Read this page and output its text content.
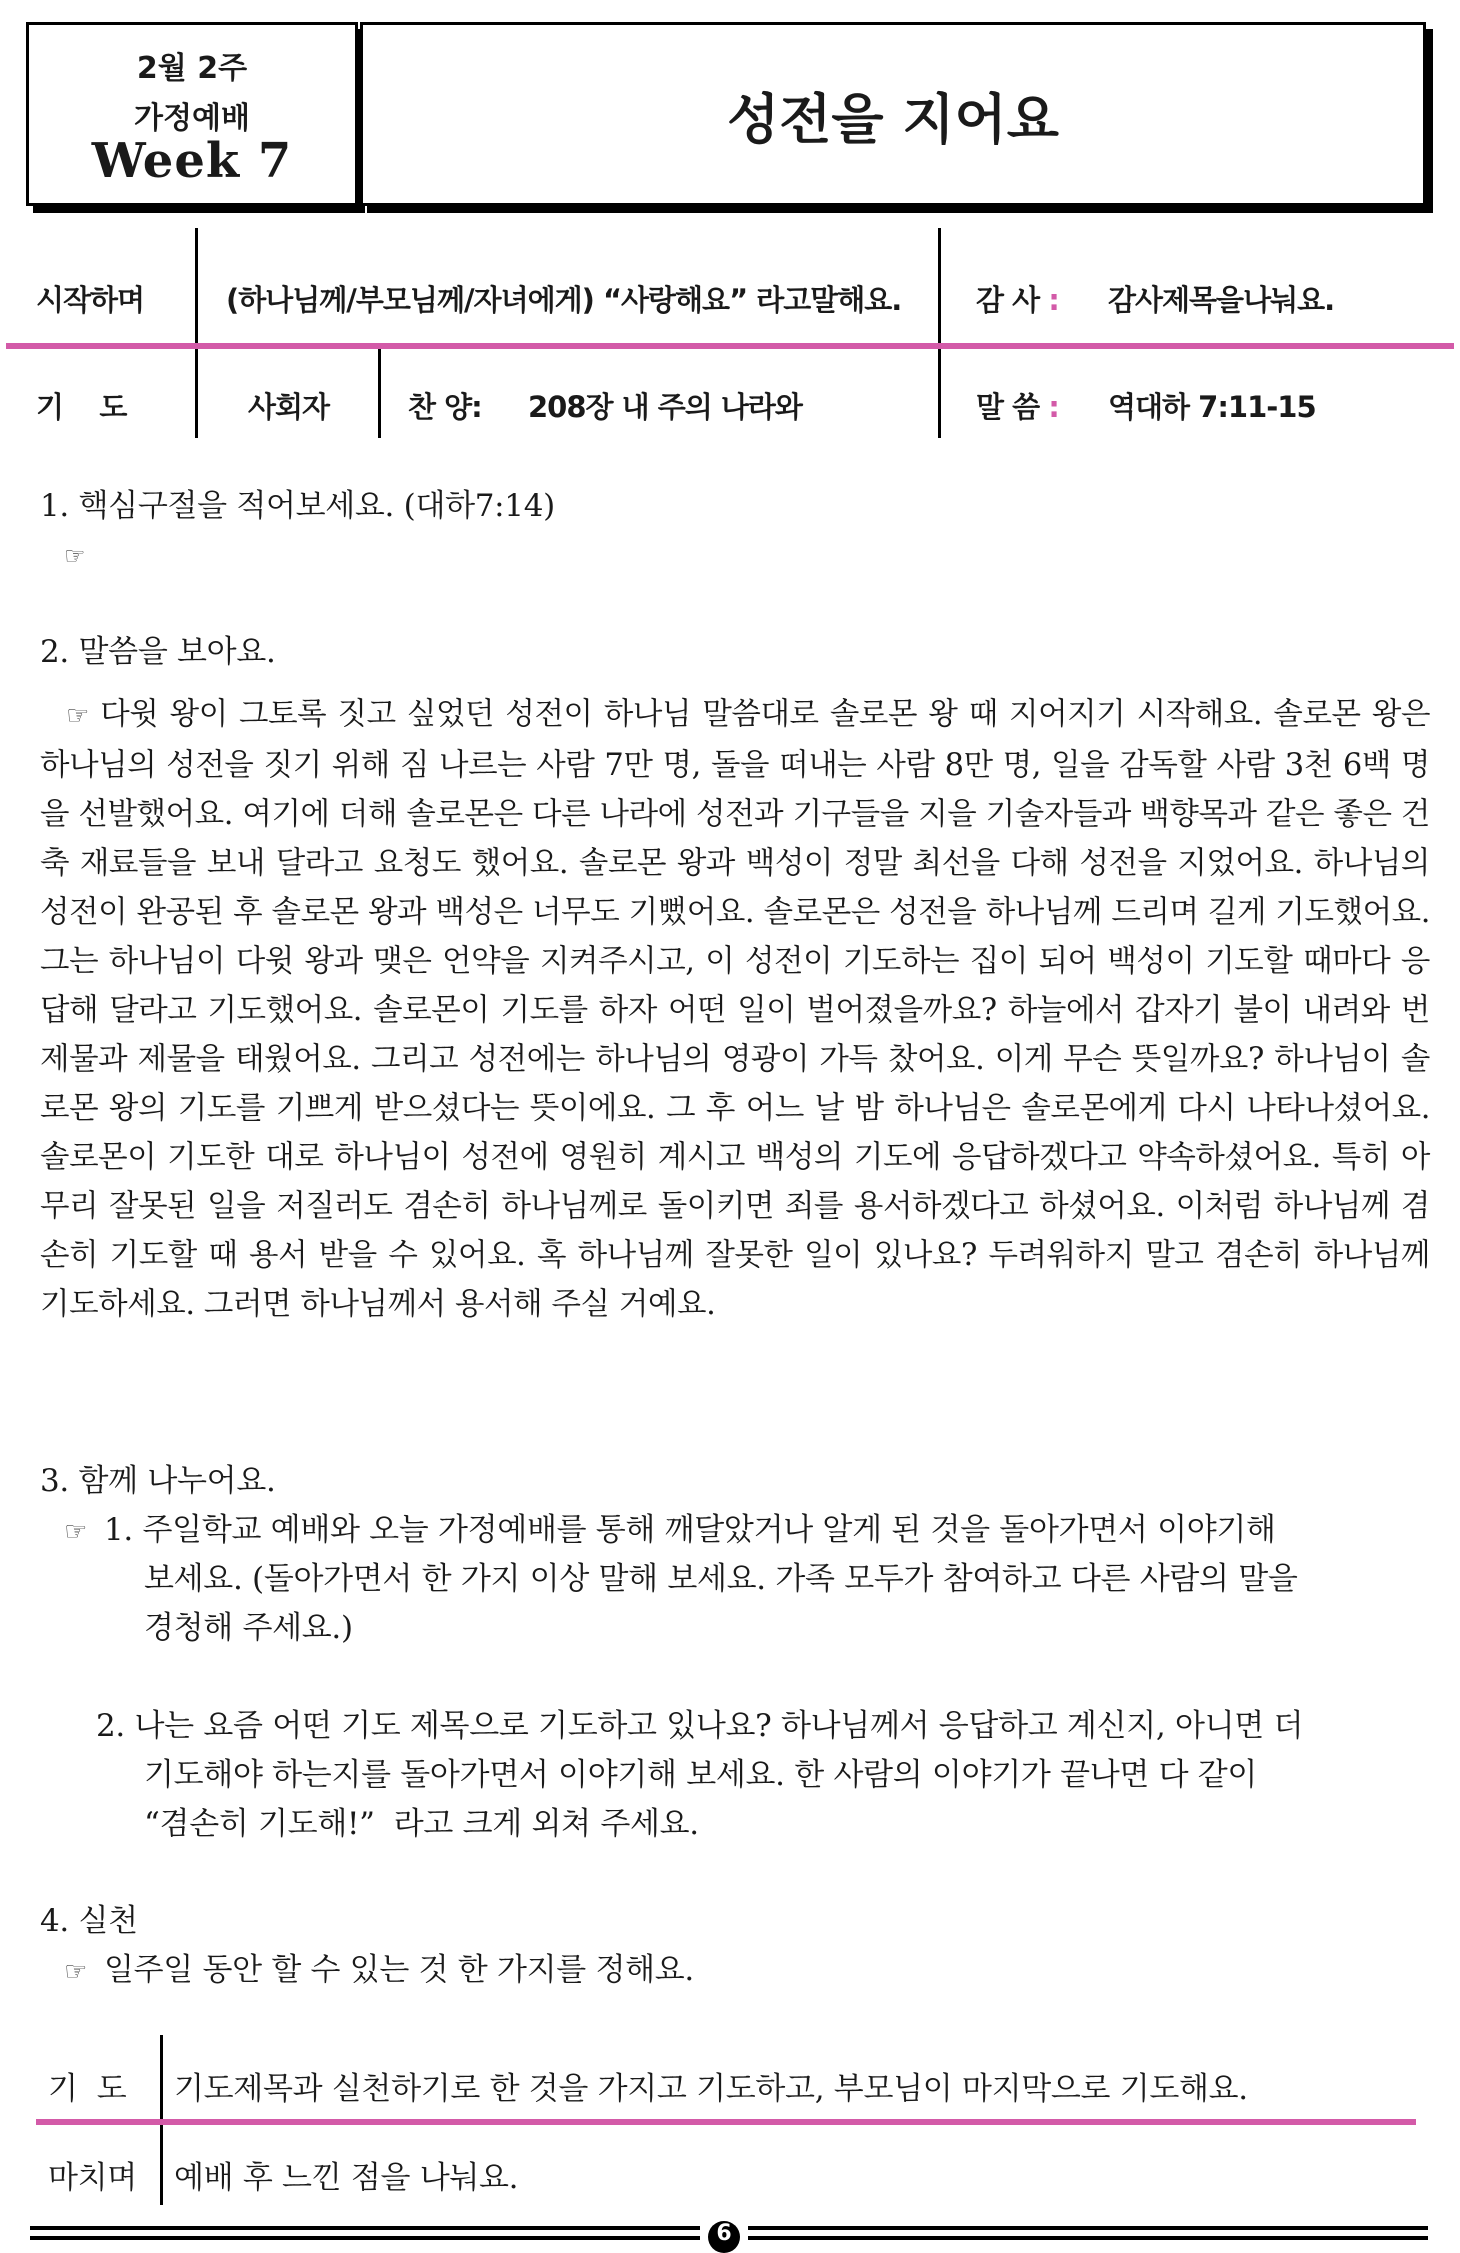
2월 2주
가정예배
Week 7
성전을 지어요
시작하며	(하나님께/부모님께/자녀에게) “사랑해요” 라고말해요.	감 사 : 감사제목을나눠요.
기    도	사회자	찬 양: 208장 내 주의 나라와	말 씀 : 역대하 7:11-15
1. 핵심구절을 적어보세요. (대하7:14)
☞
2. 말씀을 보아요.
☞ 다윗 왕이 그토록 짓고 싶었던 성전이 하나님 말씀대로 솔로몬 왕 때 지어지기 시작해요. 솔로몬 왕은 하나님의 성전을 짓기 위해 짐 나르는 사람 7만 명, 돌을 떠내는 사람 8만 명, 일을 감독할 사람 3천 6백 명을 선발했어요. 여기에 더해 솔로몬은 다른 나라에 성전과 기구들을 지을 기술자들과 백향목과 같은 좋은 건축 재료들을 보내 달라고 요청도 했어요. 솔로몬 왕과 백성이 정말 최선을 다해 성전을 지었어요. 하나님의 성전이 완공된 후 솔로몬 왕과 백성은 너무도 기뻤어요. 솔로몬은 성전을 하나님께 드리며 길게 기도했어요. 그는 하나님이 다윗 왕과 맺은 언약을 지켜주시고, 이 성전이 기도하는 집이 되어 백성이 기도할 때마다 응답해 달라고 기도했어요. 솔로몬이 기도를 하자 어떤 일이 벌어졌을까요? 하늘에서 갑자기 불이 내려와 번제물과 제물을 태웠어요. 그리고 성전에는 하나님의 영광이 가득 찼어요. 이게 무슨 뜻일까요? 하나님이 솔로몬 왕의 기도를 기쁘게 받으셨다는 뜻이에요. 그 후 어느 날 밤 하나님은 솔로몬에게 다시 나타나셨어요. 솔로몬이 기도한 대로 하나님이 성전에 영원히 계시고 백성의 기도에 응답하겠다고 약속하셨어요. 특히 아무리 잘못된 일을 저질러도 겸손히 하나님께로 돌이키면 죄를 용서하겠다고 하셨어요. 이처럼 하나님께 겸손히 기도할 때 용서 받을 수 있어요. 혹 하나님께 잘못한 일이 있나요? 두려워하지 말고 겸손히 하나님께 기도하세요. 그러면 하나님께서 용서해 주실 거예요.
3. 함께 나누어요.
☞ 1. 주일학교 예배와 오늘 가정예배를 통해 깨달았거나 알게 된 것을 돌아가면서 이야기해
보세요. (돌아가면서 한 가지 이상 말해 보세요. 가족 모두가 참여하고 다른 사람의 말을
경청해 주세요.)
2. 나는 요즘 어떤 기도 제목으로 기도하고 있나요? 하나님께서 응답하고 계신지, 아니면 더
기도해야 하는지를 돌아가면서 이야기해 보세요. 한 사람의 이야기가 끝나면 다 같이
“겸손히 기도해!”  라고 크게 외쳐 주세요.
4. 실천
☞ 일주일 동안 할 수 있는 것 한 가지를 정해요.
기  도 기도제목과 실천하기로 한 것을 가지고 기도하고, 부모님이 마지막으로 기도해요.
마치며 예배 후 느낀 점을 나눠요.
6
